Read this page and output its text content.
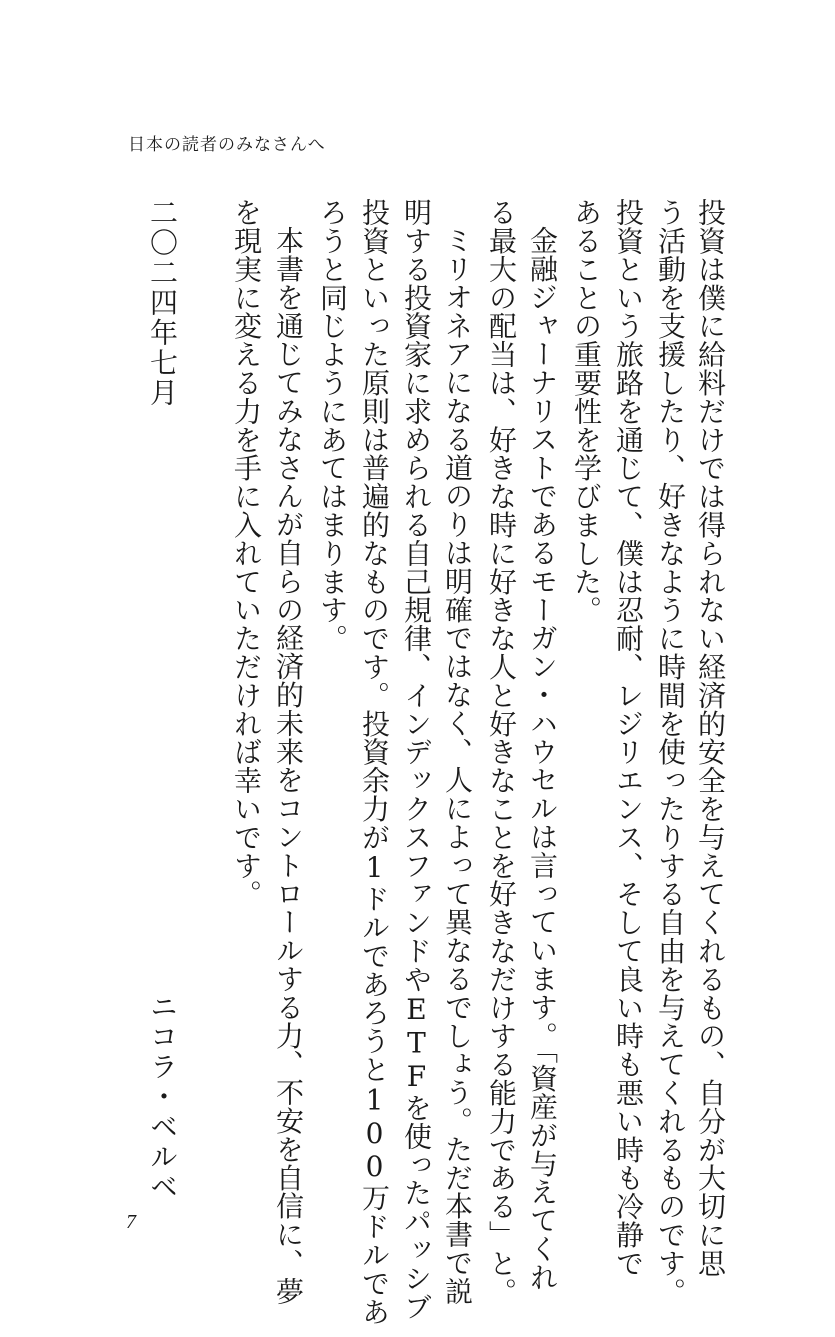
日本の読者のみなさんへ
投資は僕に給料だけでは得られない経済的安全を与えてくれるもの、自分が大切に思
う活動を支援したり、好きなように時間を使ったりする自由を与えてくれるものです。
投資という旅路を通じて、僕は忍耐、レジリエンス、そして良い時も悪い時も冷静で
あることの重要性を学びました。
金融ジャーナリストであるモーガン・ハウセルは言っています。「資産が与えてくれ
る最大の配当は、好きな時に好きな人と好きなことを好きなだけする能力である」と。
ミリオネアになる道のりは明確ではなく、人によって異なるでしょう。ただ本書で説
明する投資家に求められる自己規律、インデックスファンドやETFを使ったパッシブ
投資といった原則は普遍的なものです。投資余力が1ドルであろうと100万ドルであ
ろうと同じようにあてはまります。
本書を通じてみなさんが自らの経済的未来をコントロールする力、不安を自信に、夢
を現実に変える力を手に入れていただければ幸いです。
二〇二四年七月
ニコラ・ベルベ
7
